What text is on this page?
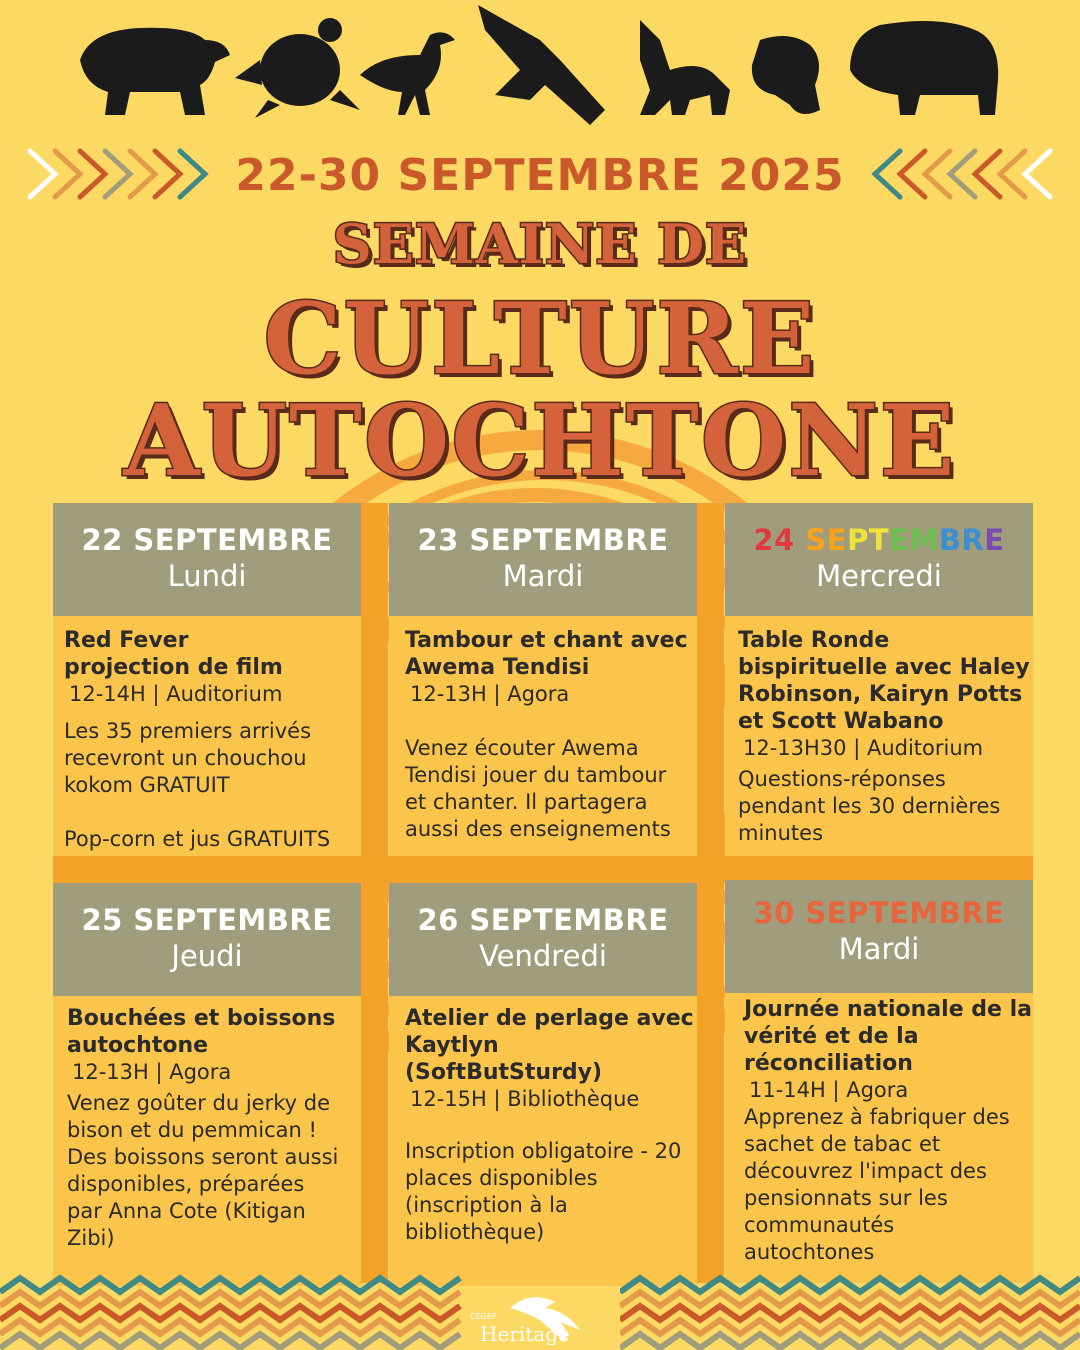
22-30 SEPTEMBRE 2025
SEMAINE DE
CULTURE
AUTOCHTONE
22 SEPTEMBRE
Lundi
Red Fever
projection de film
12-14H | Auditorium
Les 35 premiers arrivés
recevront un chouchou
kokom GRATUIT
Pop-corn et jus GRATUITS
23 SEPTEMBRE
Mardi
Tambour et chant avec
Awema Tendisi
12-13H | Agora
Venez écouter Awema
Tendisi jouer du tambour
et chanter. Il partagera
aussi des enseignements
24 SEPTEMBRE
Mercredi
Table Ronde
bispirituelle avec Haley
Robinson, Kairyn Potts
et Scott Wabano
12-13H30 | Auditorium
Questions-réponses
pendant les 30 dernières
minutes
25 SEPTEMBRE
Jeudi
Bouchées et boissons
autochtone
12-13H | Agora
Venez goûter du jerky de
bison et du pemmican !
Des boissons seront aussi
disponibles, préparées
par Anna Cote (Kitigan
Zibi)
26 SEPTEMBRE
Vendredi
Atelier de perlage avec
Kaytlyn (SoftButSturdy)
12-15H | Bibliothèque
Inscription obligatoire - 20
places disponibles
(inscription à la
bibliothèque)
30 SEPTEMBRE
Mardi
Journée nationale de la
vérité et de la
réconciliation
11-14H | Agora
Apprenez à fabriquer des
sachet de tabac et
découvrez l'impact des
pensionnats sur les
communautés
autochtones
CÉGEP
Heritage
